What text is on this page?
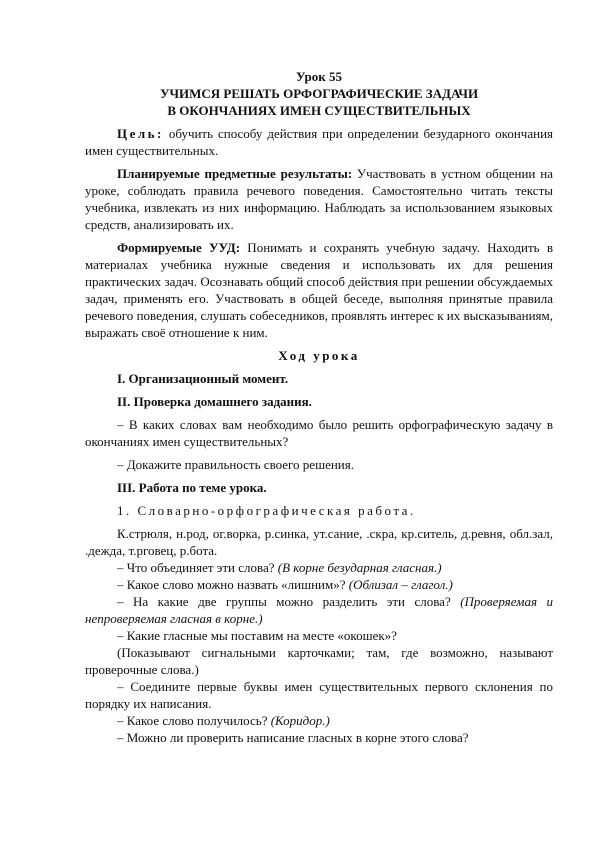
Урок 55

УЧИМСЯ РЕШАТЬ ОРФОГРАФИЧЕСКИЕ ЗАДАЧИ

В ОКОНЧАНИЯХ ИМЕН СУЩЕСТВИТЕЛЬНЫХ

Цель: обучить способу действия при определении безударного окончания имен существительных.

Планируемые предметные результаты: Участвовать в устном общении на уроке, соблюдать правила речевого поведения. Самостоятельно читать тексты учебника, извлекать из них информацию. Наблюдать за использованием языковых средств, анализировать их.

Формируемые УУД: Понимать и сохранять учебную задачу. Находить в материалах учебника нужные сведения и использовать их для решения практических задач. Осознавать общий способ действия при решении обсуждаемых задач, применять его. Участвовать в общей беседе, выполняя принятые правила речевого поведения, слушать собеседников, проявлять интерес к их высказываниям, выражать своё отношение к ним.

Ход урока

I. Организационный момент.

II. Проверка домашнего задания.

– В каких словах вам необходимо было решить орфографическую задачу в окончаниях имен существительных?

– Докажите правильность своего решения.

III. Работа по теме урока.

1. Словарно-орфографическая работа.

К.стрюля, н.род, ог.ворка, р.синка, ут.сание, .скра, кр.ситель, д.ревня, обл.зал, .дежда, т.рговец, р.бота.

– Что объединяет эти слова? (В корне безударная гласная.)

– Какое слово можно назвать «лишним»? (Облизал – глагол.)

– На какие две группы можно разделить эти слова? (Проверяемая и непроверяемая гласная в корне.)

– Какие гласные мы поставим на месте «окошек»?

(Показывают сигнальными карточками; там, где возможно, называют проверочные слова.)

– Соедините первые буквы имен существительных первого склонения по порядку их написания.

– Какое слово получилось? (Коридор.)

– Можно ли проверить написание гласных в корне этого слова?
